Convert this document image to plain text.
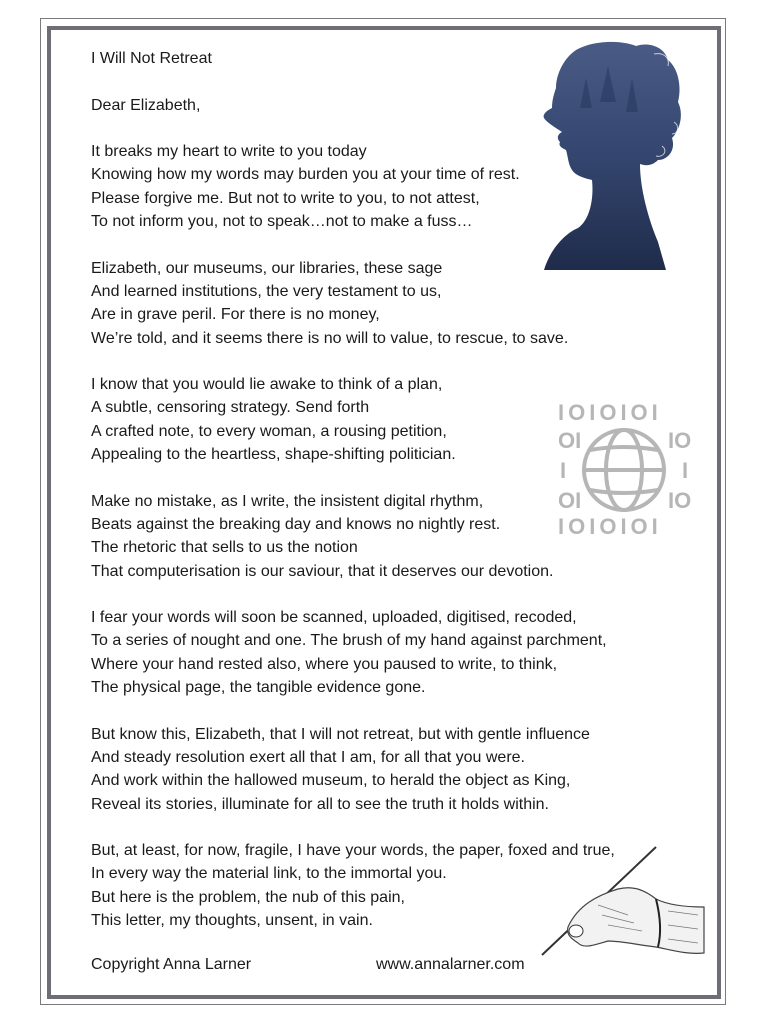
I Will Not Retreat
Dear Elizabeth,
It breaks my heart to write to you today
Knowing how my words may burden you at your time of rest.
Please forgive me. But not to write to you, to not attest,
To not inform you, not to speak…not to make a fuss…
Elizabeth, our museums, our libraries, these sage
And learned institutions, the very testament to us,
Are in grave peril. For there is no money,
We’re told, and it seems there is no will to value, to rescue, to save.
I know that you would lie awake to think of a plan,
A subtle, censoring strategy. Send forth
A crafted note, to every woman, a rousing petition,
Appealing to the heartless, shape-shifting politician.
Make no mistake, as I write, the insistent digital rhythm,
Beats against the breaking day and knows no nightly rest.
The rhetoric that sells to us the notion
That computerisation is our saviour, that it deserves our devotion.
I fear your words will soon be scanned, uploaded, digitised, recoded,
To a series of nought and one. The brush of my hand against parchment,
Where your hand rested also, where you paused to write, to think,
The physical page, the tangible evidence gone.
But know this, Elizabeth, that I will not retreat, but with gentle influence
And steady resolution exert all that I am, for all that you were.
And work within the hallowed museum, to herald the object as King,
Reveal its stories, illuminate for all to see the truth it holds within.
But, at least, for now, fragile, I have your words, the paper, foxed and true,
In every way the material link, to the immortal you.
But here is the problem, the nub of this pain,
This letter, my thoughts, unsent, in vain.
Copyright Anna Larner	www.annalarner.com
IOIOIOI
OI	IO
I	I
OI	IO
IOIOIOI
